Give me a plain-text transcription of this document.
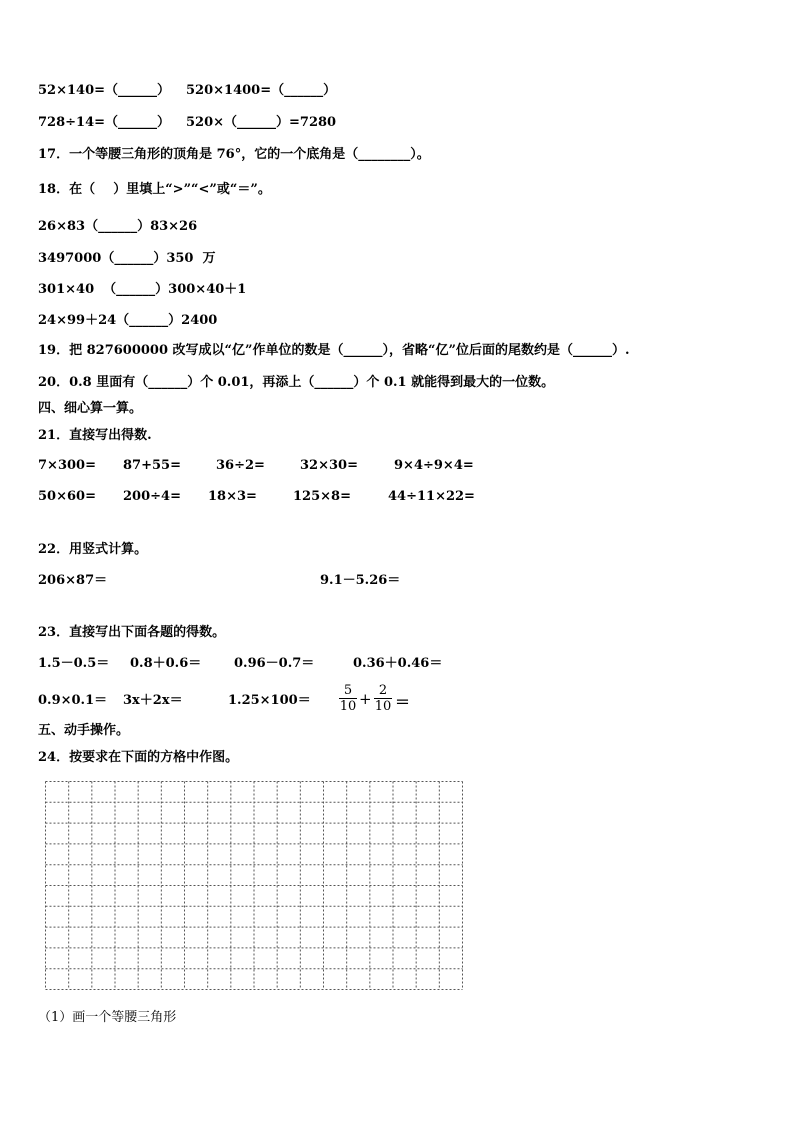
52×140=（______） 520×1400=（______）
728÷14=（______） 520×（______）=7280
17．一个等腰三角形的顶角是 76°，它的一个底角是（________）。
18．在（    ）里填上“>”“<”或“＝”。
26×83（______）83×26
3497000（______）350  万
301×40  （______）300×40＋1
24×99＋24（______）2400
19．把 827600000 改写成以“亿”作单位的数是（______），省略“亿”位后面的尾数约是（______）.
20．0.8 里面有（______）个 0.01，再添上（______）个 0.1 就能得到最大的一位数。
四、细心算一算。
21．直接写出得数.
7×300= 87+55=	36÷2=	32×30=	9×4÷9×4=
50×60= 200÷4= 18×3=	125×8=	44÷11×22=
22．用竖式计算。
206×87＝	9.1－5.26＝
23．直接写出下面各题的得数。
1.5－0.5＝ 0.8＋0.6＝	0.96－0.7＝	0.36＋0.46＝
0.9×0.1＝ 3x＋2x＝	1.25×100＝
5
10 + 2
10 ＝
五、动手操作。
24．按要求在下面的方格中作图。
（1）画一个等腰三角形
